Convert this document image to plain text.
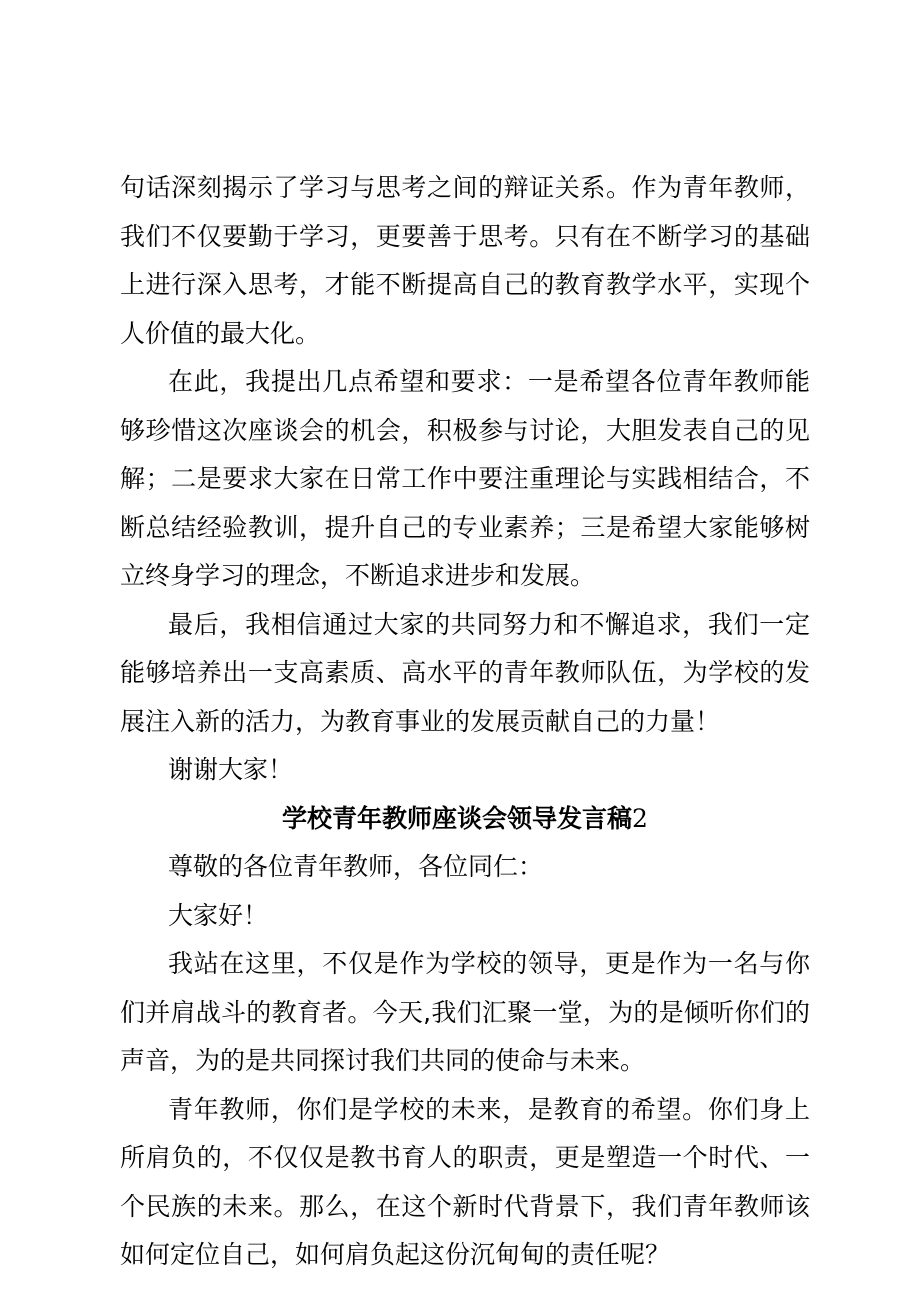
句话深刻揭示了学习与思考之间的辩证关系。作为青年教师，我们不仅要勤于学习，更要善于思考。只有在不断学习的基础上进行深入思考，才能不断提高自己的教育教学水平，实现个人价值的最大化。

在此，我提出几点希望和要求：一是希望各位青年教师能够珍惜这次座谈会的机会，积极参与讨论，大胆发表自己的见解；二是要求大家在日常工作中要注重理论与实践相结合，不断总结经验教训，提升自己的专业素养；三是希望大家能够树立终身学习的理念，不断追求进步和发展。

最后，我相信通过大家的共同努力和不懈追求，我们一定能够培养出一支高素质、高水平的青年教师队伍，为学校的发展注入新的活力，为教育事业的发展贡献自己的力量！

谢谢大家！

学校青年教师座谈会领导发言稿2

尊敬的各位青年教师，各位同仁：

大家好！

我站在这里，不仅是作为学校的领导，更是作为一名与你们并肩战斗的教育者。今天,我们汇聚一堂，为的是倾听你们的声音，为的是共同探讨我们共同的使命与未来。

青年教师，你们是学校的未来，是教育的希望。你们身上所肩负的，不仅仅是教书育人的职责，更是塑造一个时代、一个民族的未来。那么，在这个新时代背景下，我们青年教师该如何定位自己，如何肩负起这份沉甸甸的责任呢？
